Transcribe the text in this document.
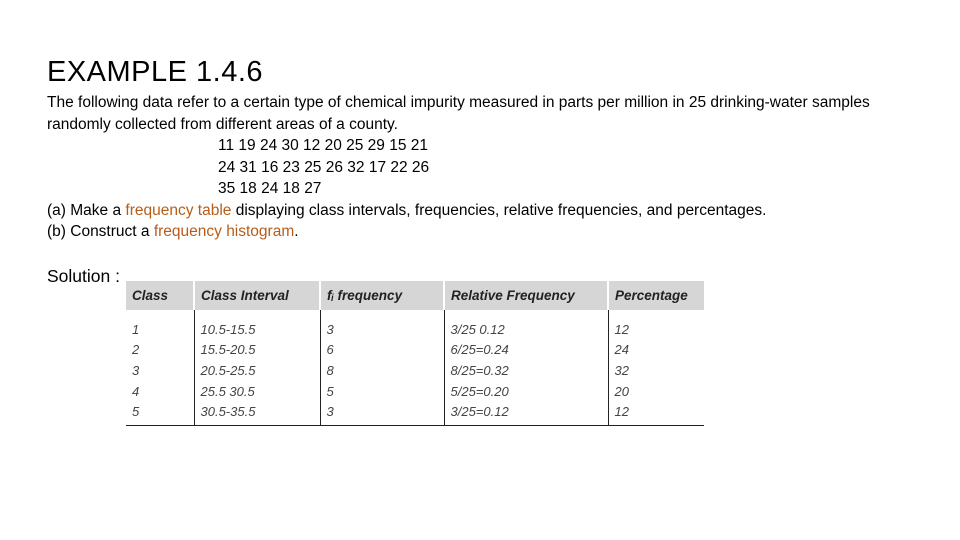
EXAMPLE 1.4.6
The following data refer to a certain type of chemical impurity measured in parts per million in 25 drinking-water samples randomly collected from different areas of a county.
11 19 24 30 12 20 25 29 15 21
24 31 16 23 25 26 32 17 22 26
35 18 24 18 27
(a) Make a frequency table displaying class intervals, frequencies, relative frequencies, and percentages.
(b) Construct a frequency histogram.
Solution :
Class	Class Interval	fᵢ frequency	Relative Frequency	Percentage
1	10.5-15.5	3	3/25 0.12	12
2	15.5-20.5	6	6/25=0.24	24
3	20.5-25.5	8	8/25=0.32	32
4	25.5 30.5	5	5/25=0.20	20
5	30.5-35.5	3	3/25=0.12	12
